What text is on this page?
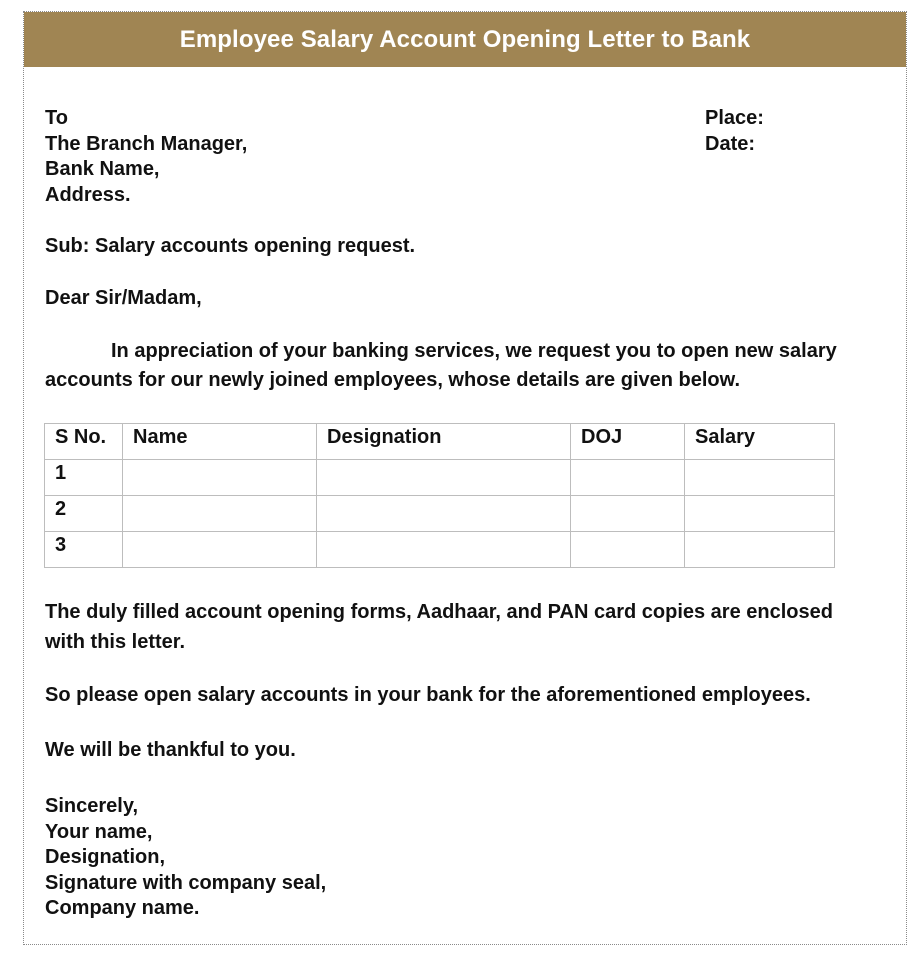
Employee Salary Account Opening Letter to Bank
To
The Branch Manager,
Bank Name,
Address.
Place:
Date:
Sub: Salary accounts opening request.
Dear Sir/Madam,
In appreciation of your banking services, we request you to open new salary accounts for our newly joined employees, whose details are given below.
S No.	Name	Designation	DOJ	Salary
1				
2				
3				
The duly filled account opening forms, Aadhaar, and PAN card copies are enclosed with this letter.
So please open salary accounts in your bank for the aforementioned employees.
We will be thankful to you.
Sincerely,
Your name,
Designation,
Signature with company seal,
Company name.
